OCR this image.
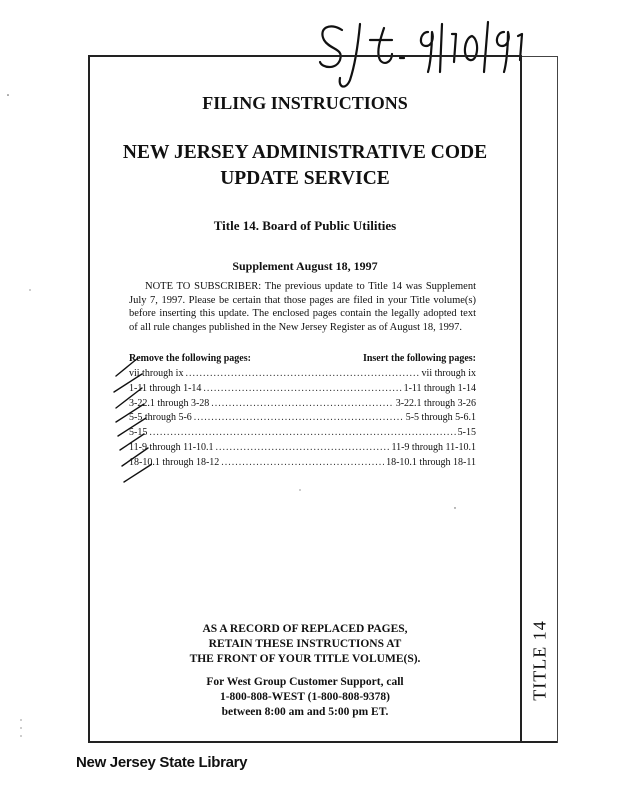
TITLE 14
FILING INSTRUCTIONS
NEW JERSEY ADMINISTRATIVE CODE
UPDATE SERVICE
Title 14. Board of Public Utilities
Supplement August 18, 1997
NOTE TO SUBSCRIBER: The previous update to Title 14 was Supplement July 7, 1997. Please be certain that those pages are filed in your Title volume(s) before inserting this update. The enclosed pages contain the legally adopted text of all rule changes published in the New Jersey Register as of August 18, 1997.
Remove the following pages:	Insert the following pages:
vii through ix .....	vii through ix
1-11 through 1-14 .....	1-11 through 1-14
3-22.1 through 3-28 .....	3-22.1 through 3-26
5-5 through 5-6 .....	5-5 through 5-6.1
5-15 .....	5-15
11-9 through 11-10.1 .....	11-9 through 11-10.1
18-10.1 through 18-12 .....	18-10.1 through 18-11
AS A RECORD OF REPLACED PAGES,
RETAIN THESE INSTRUCTIONS AT
THE FRONT OF YOUR TITLE VOLUME(S).
For West Group Customer Support, call
1-800-808-WEST (1-800-808-9378)
between 8:00 am and 5:00 pm ET.
New Jersey State Library
